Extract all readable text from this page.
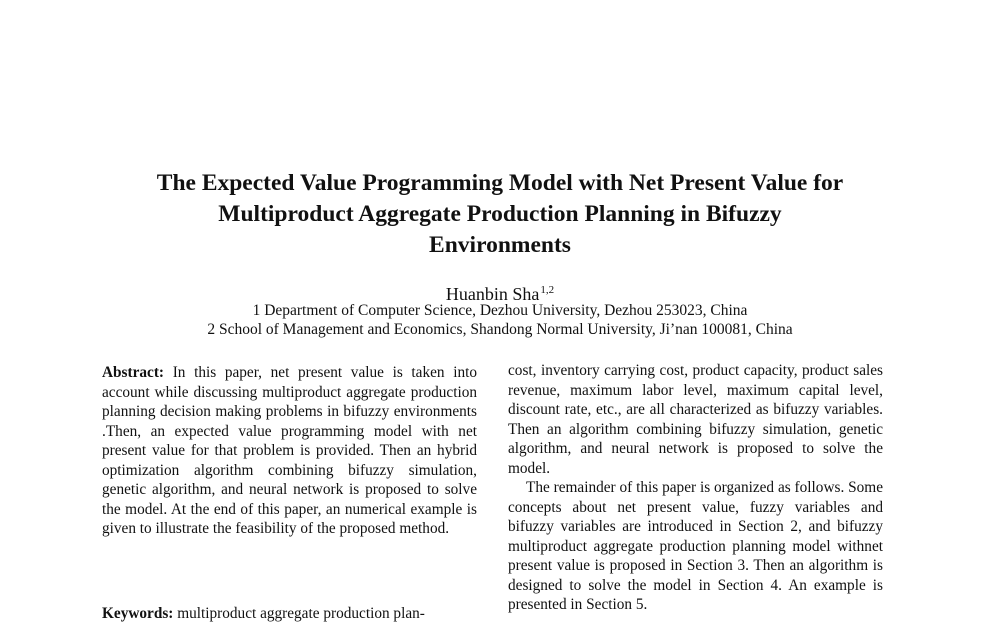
The Expected Value Programming Model with Net Present Value for
Multiproduct Aggregate Production Planning in Bifuzzy
Environments
Huanbin Sha$^{1,2}$
1 Department of Computer Science, Dezhou University, Dezhou 253023, China
2 School of Management and Economics, Shandong Normal University, Ji’nan 100081, China

Abstract: In this paper, net present value is taken into account while discussing multiproduct aggregate production planning decision making problems in bifuzzy environments .Then, an expected value programming model with net present value for that problem is provided. Then an hybrid optimization algorithm combining bifuzzy simulation, genetic algorithm, and neural network is proposed to solve the model. At the end of this paper, an numerical example is given to illustrate the feasibility of the proposed method.

Keywords: multiproduct aggregate production plan-

cost, inventory carrying cost, product capacity, product sales revenue, maximum labor level, maximum capital level, discount rate, etc., are all characterized as bifuzzy variables. Then an algorithm combining bifuzzy simulation, genetic algorithm, and neural network is proposed to solve the model.

The remainder of this paper is organized as follows. Some concepts about net present value, fuzzy variables and bifuzzy variables are introduced in Section 2, and bifuzzy multiproduct aggregate production planning model withnet present value is proposed in Section 3. Then an algorithm is designed to solve the model in Section 4. An example is presented in Section 5.
